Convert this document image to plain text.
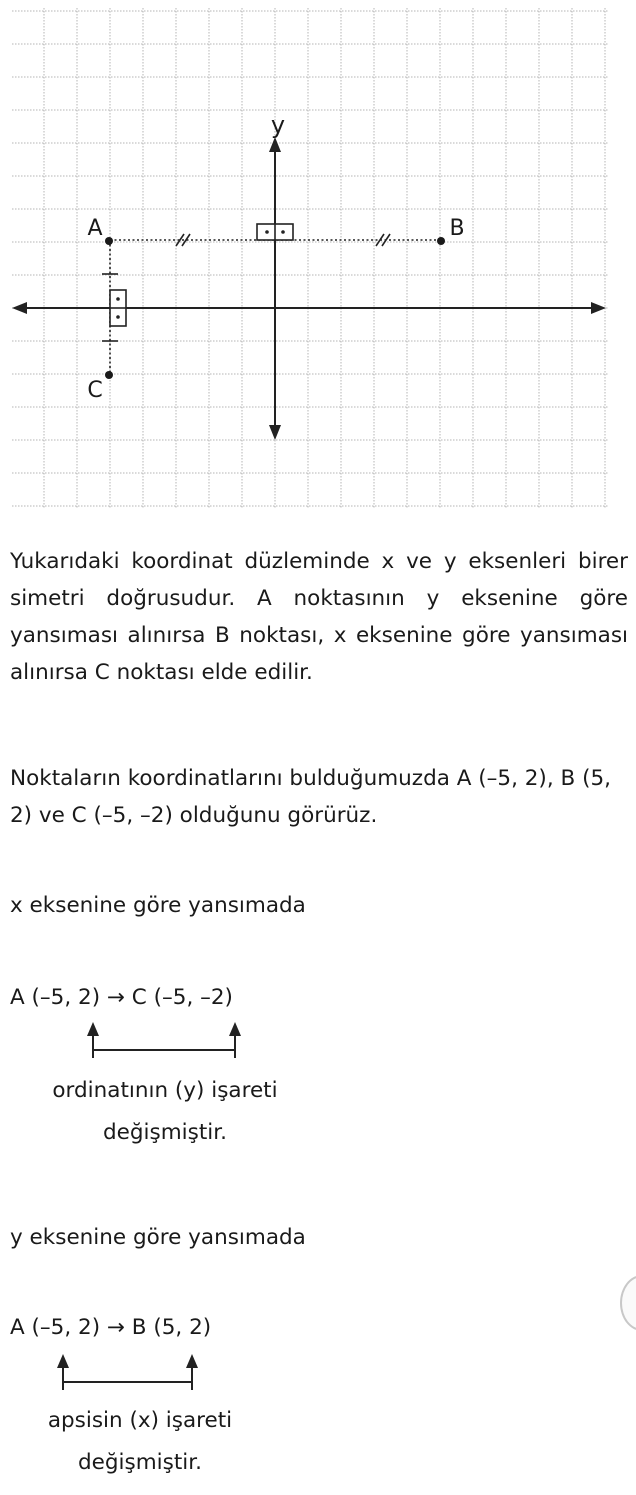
y
A	B
C

Yukarıdaki koordinat düzleminde x ve y eksenleri birer simetri doğrusudur. A noktasının y eksenine göre yansıması alınırsa B noktası, x eksenine göre yansıması alınırsa C noktası elde edilir.

Noktaların koordinatlarını bulduğumuzda A (–5, 2), B (5, 2) ve C (–5, –2) olduğunu görürüz.

x eksenine göre yansımada

A (–5, 2) → C (–5, –2)

ordinatının (y) işareti
değişmiştir.

y eksenine göre yansımada

A (–5, 2) → B (5, 2)

apsisin (x) işareti
değişmiştir.
